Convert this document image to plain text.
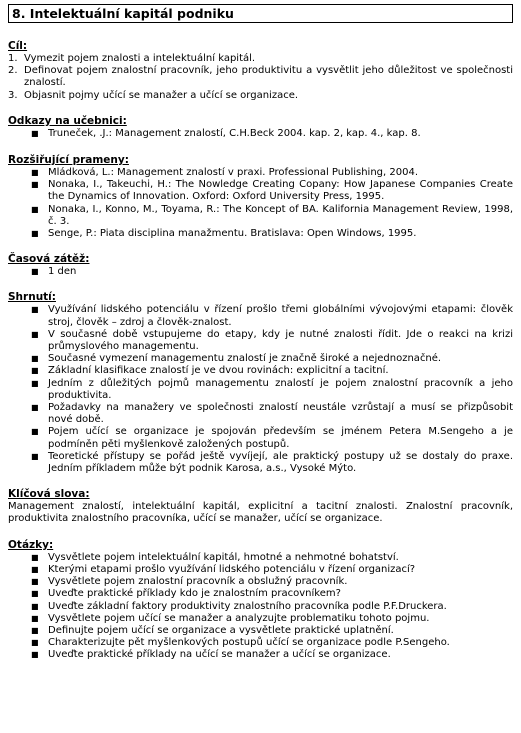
8. Intelektuální kapitál podniku
Cíl:
1. Vymezit pojem znalosti a intelektuální kapitál.
2. Definovat pojem znalostní pracovník, jeho produktivitu a vysvětlit jeho důležitost ve společnosti znalostí.
3. Objasnit pojmy učící se manažer a učící se organizace.
Odkazy na učebnici:
■ Truneček, .J.: Management znalostí, C.H.Beck 2004. kap. 2, kap. 4., kap. 8.
Rozšiřující prameny:
■ Mládková, L.: Management znalostí v praxi. Professional Publishing, 2004.
■ Nonaka, I., Takeuchi, H.: The Nowledge Creating Copany: How Japanese Companies Create the Dynamics of Innovation. Oxford: Oxford University Press, 1995.
■ Nonaka, I., Konno, M., Toyama, R.: The Koncept of BA. Kalifornia Management Review, 1998, č. 3.
■ Senge, P.: Piata disciplina manažmentu. Bratislava: Open Windows, 1995.
Časová zátěž:
■ 1 den
Shrnutí:
■ Využívání lidského potenciálu v řízení prošlo třemi globálními vývojovými etapami: člověk stroj, člověk – zdroj a člověk-znalost.
■ V současné době vstupujeme do etapy, kdy je nutné znalosti řídit. Jde o reakci na krizi průmyslového managementu.
■ Současné vymezení managementu znalostí je značně široké a nejednoznačné.
■ Základní klasifikace znalostí je ve dvou rovinách: explicitní a tacitní.
■ Jedním z důležitých pojmů managementu znalostí je pojem znalostní pracovník a jeho produktivita.
■ Požadavky na manažery ve společnosti znalostí neustále vzrůstají a musí se přizpůsobit nové době.
■ Pojem učící se organizace je spojován především se jménem Petera M.Sengeho a je podmíněn pěti myšlenkově založených postupů.
■ Teoretické přístupy se pořád ještě vyvíjejí, ale praktický postupy už se dostaly do praxe. Jedním příkladem může být podnik Karosa, a.s., Vysoké Mýto.
Klíčová slova:
Management znalostí, intelektuální kapitál, explicitní a tacitní znalosti. Znalostní pracovník, produktivita znalostního pracovníka, učící se manažer, učící se organizace.
Otázky:
■ Vysvětlete pojem intelektuální kapitál, hmotné a nehmotné bohatství.
■ Kterými etapami prošlo využívání lidského potenciálu v řízení organizací?
■ Vysvětlete pojem znalostní pracovník a obslužný pracovník.
■ Uveďte praktické příklady kdo je znalostním pracovníkem?
■ Uveďte základní faktory produktivity znalostního pracovníka podle P.F.Druckera.
■ Vysvětlete pojem učící se manažer a analyzujte problematiku tohoto pojmu.
■ Definujte pojem učící se organizace a vysvětlete praktické uplatnění.
■ Charakterizujte pět myšlenkových postupů učící se organizace podle P.Sengeho.
■ Uveďte praktické příklady na učící se manažer a učící se organizace.
